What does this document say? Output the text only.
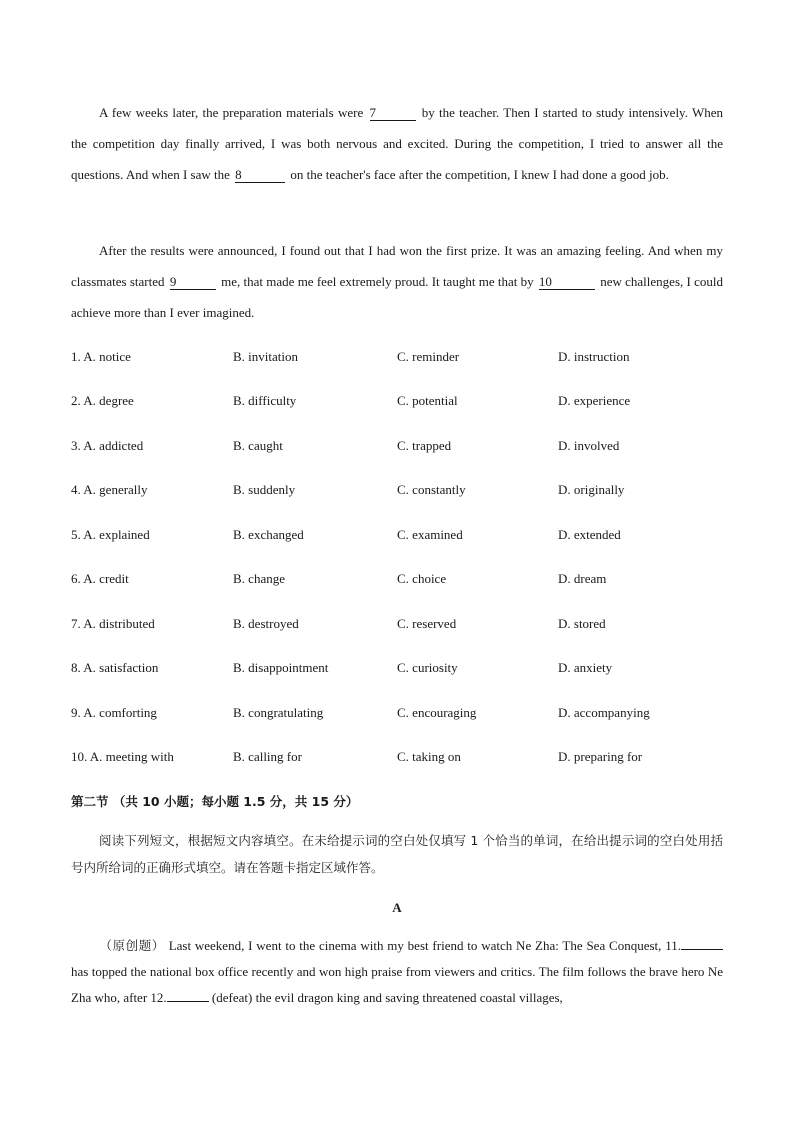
A few weeks later, the preparation materials were 7	by the teacher. Then I started to study intensively. When the competition day finally arrived, I was both nervous and excited. During the competition, I tried to answer all the questions. And when I saw the 8	on the teacher's face after the competition, I knew I had done a good job.

After the results were announced, I found out that I had won the first prize. It was an amazing feeling. And when my classmates started 9	me, that made me feel extremely proud. It taught me that by 10	new challenges, I could achieve more than I ever imagined.

1. A. notice	B. invitation	C. reminder	D. instruction
2. A. degree	B. difficulty	C. potential	D. experience
3. A. addicted	B. caught	C. trapped	D. involved
4. A. generally	B. suddenly	C. constantly	D. originally
5. A. explained	B. exchanged	C. examined	D. extended
6. A. credit	B. change	C. choice	D. dream
7. A. distributed	B. destroyed	C. reserved	D. stored
8. A. satisfaction	B. disappointment	C. curiosity	D. anxiety
9. A. comforting	B. congratulating	C. encouraging	D. accompanying
10. A. meeting with	B. calling for	C. taking on	D. preparing for
第二节 （共 10 小题；每小题 1.5 分，共 15 分）

阅读下列短文，根据短文内容填空。在未给提示词的空白处仅填写 1 个恰当的单词，在给出提示词的空白处用括号内所给词的正确形式填空。请在答题卡指定区域作答。

A

（原创题） Last weekend, I went to the cinema with my best friend to watch Ne Zha: The Sea Conquest, 11. has topped the national box office recently and won high praise from viewers and critics. The film follows the brave hero Ne Zha who, after 12.	(defeat) the evil dragon king and saving threatened coastal villages,
